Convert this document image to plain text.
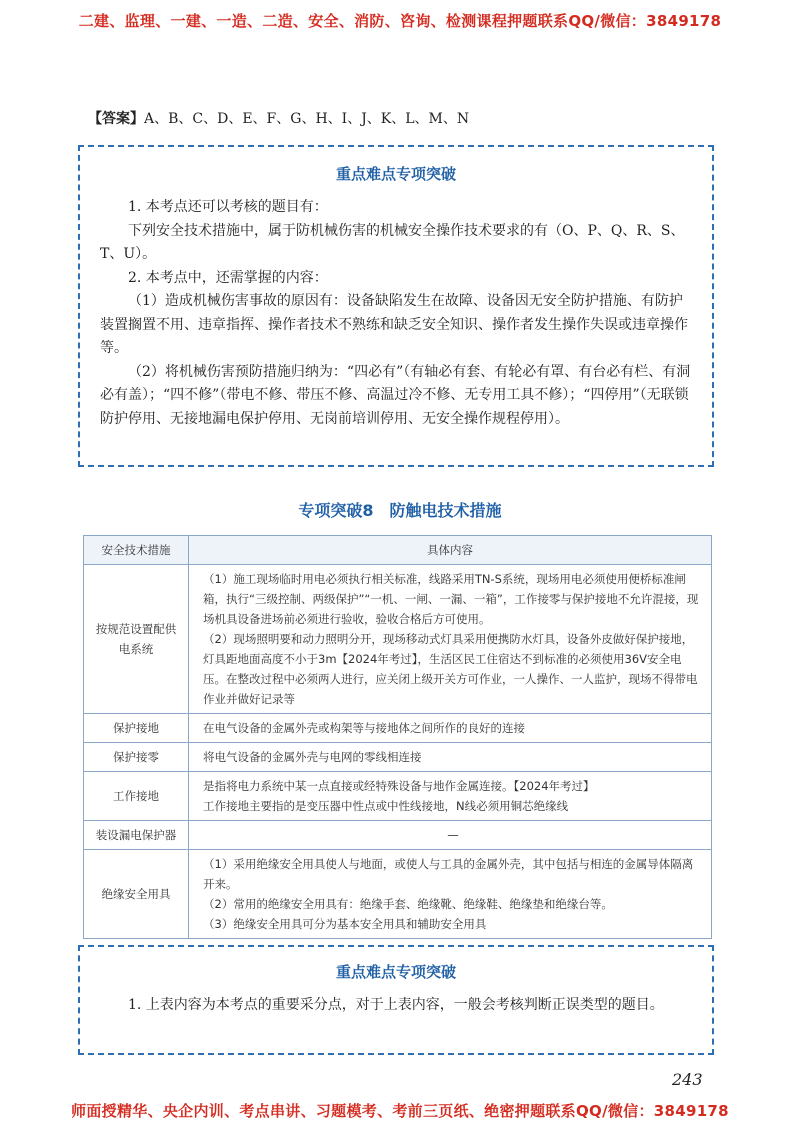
二建、监理、一建、一造、二造、安全、消防、咨询、检测课程押题联系QQ/微信：3849178
【答案】A、B、C、D、E、F、G、H、I、J、K、L、M、N
重点难点专项突破

1. 本考点还可以考核的题目有：

下列安全技术措施中，属于防机械伤害的机械安全操作技术要求的有（O、P、Q、R、S、T、U）。

2. 本考点中，还需掌握的内容：

（1）造成机械伤害事故的原因有：设备缺陷发生在故障、设备因无安全防护措施、有防护装置搁置不用、违章指挥、操作者技术不熟练和缺乏安全知识、操作者发生操作失误或违章操作等。

（2）将机械伤害预防措施归纳为：“四必有”（有轴必有套、有轮必有罩、有台必有栏、有洞必有盖）；“四不修”（带电不修、带压不修、高温过冷不修、无专用工具不修）；“四停用”（无联锁防护停用、无接地漏电保护停用、无岗前培训停用、无安全操作规程停用）。

专项突破8　防触电技术措施
安全技术措施	具体内容
按规范设置配供电系统	（1）施工现场临时用电必须执行相关标准，线路采用TN-S系统，现场用电必须使用便桥标准闸箱，执行“三级控制、两级保护”“一机、一闸、一漏、一箱”，工作接零与保护接地不允许混接，现场机具设备进场前必须进行验收，验收合格后方可使用。
（2）现场照明要和动力照明分开，现场移动式灯具采用便携防水灯具，设备外皮做好保护接地，灯具距地面高度不小于3m【2024年考过】，生活区民工住宿达不到标准的必须使用36V安全电压。在整改过程中必须两人进行，应关闭上级开关方可作业，一人操作、一人监护，现场不得带电作业并做好记录等

保护接地	在电气设备的金属外壳或构架等与接地体之间所作的良好的连接

保护接零	将电气设备的金属外壳与电网的零线相连接

工作接地	是指将电力系统中某一点直接或经特殊设备与地作金属连接。【2024年考过】
工作接地主要指的是变压器中性点或中性线接地，N线必须用铜芯绝缘线

装设漏电保护器	—

绝缘安全用具	（1）采用绝缘安全用具使人与地面，或使人与工具的金属外壳，其中包括与相连的金属导体隔离开来。
（2）常用的绝缘安全用具有：绝缘手套、绝缘靴、绝缘鞋、绝缘垫和绝缘台等。
（3）绝缘安全用具可分为基本安全用具和辅助安全用具
重点难点专项突破

1. 上表内容为本考点的重要采分点，对于上表内容，一般会考核判断正误类型的题目。

243
师面授精华、央企内训、考点串讲、习题模考、考前三页纸、绝密押题联系QQ/微信：3849178
